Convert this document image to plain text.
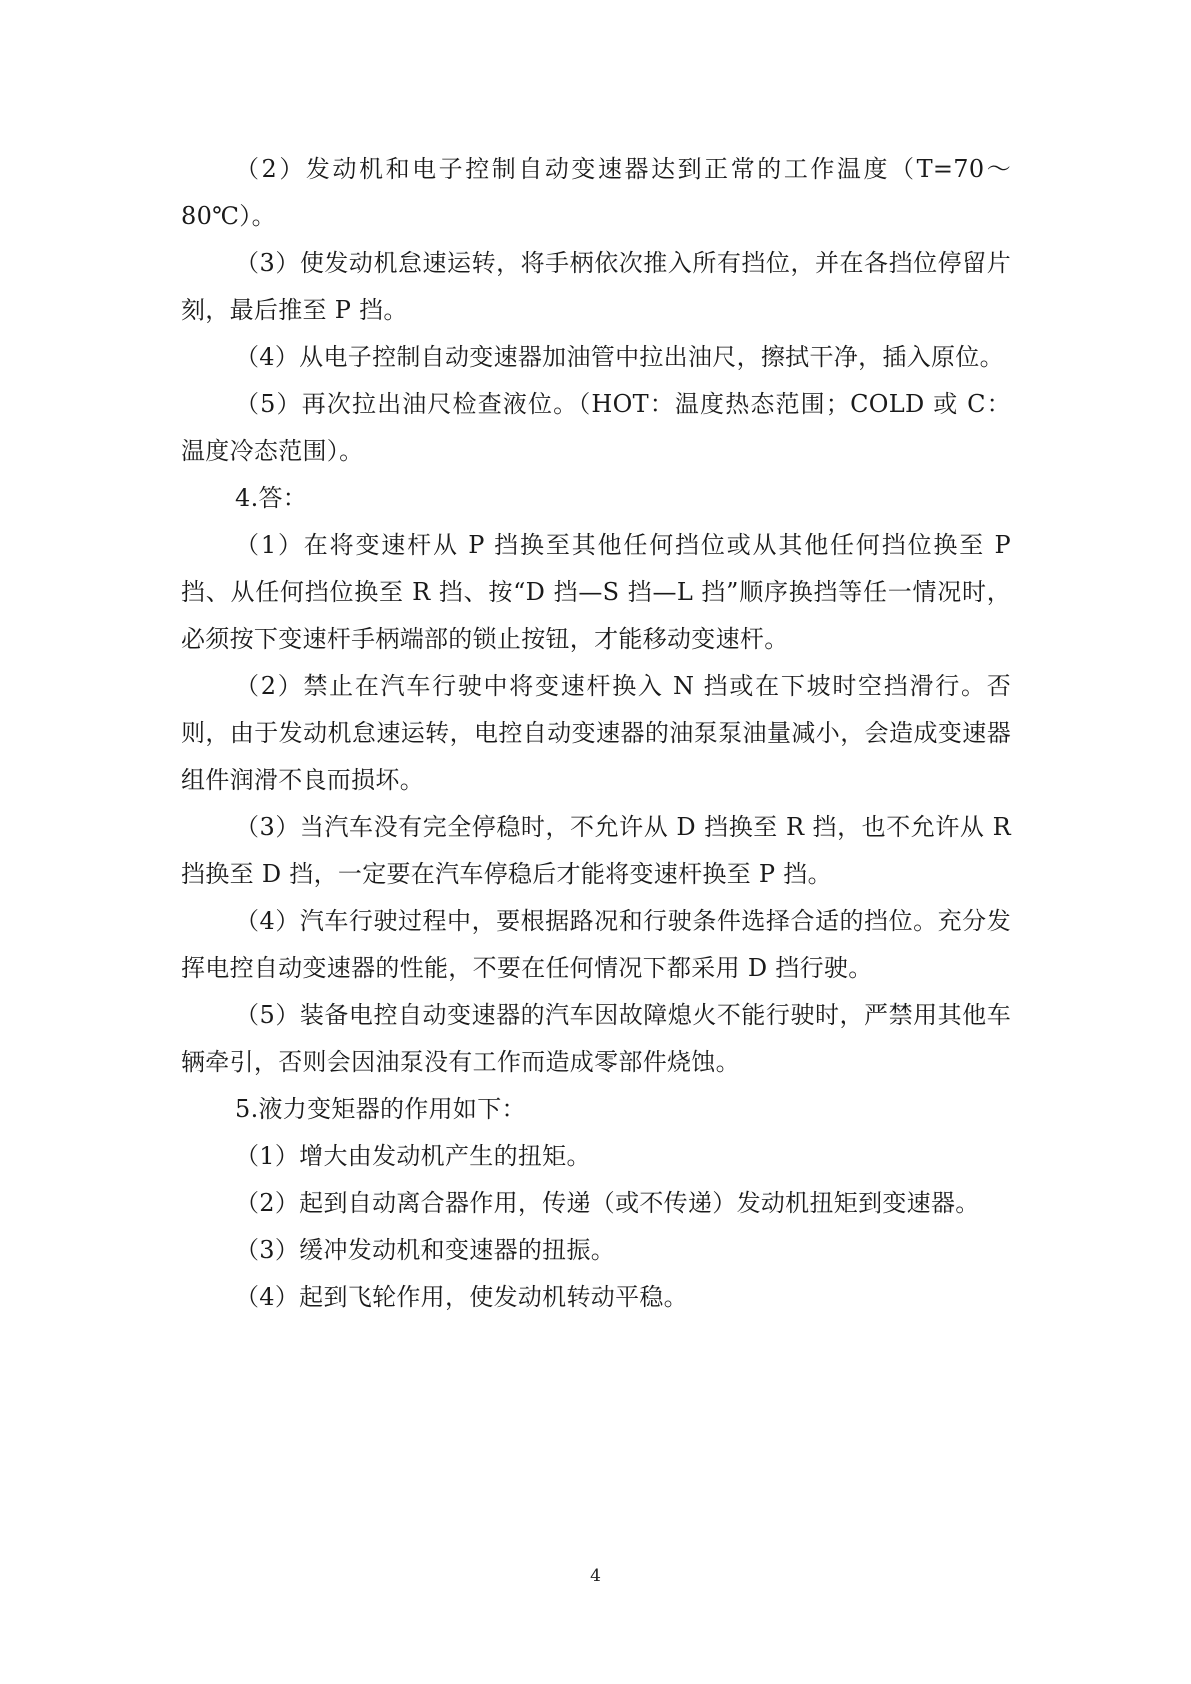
（2）发动机和电子控制自动变速器达到正常的工作温度（T=70～80℃）。

（3）使发动机怠速运转，将手柄依次推入所有挡位，并在各挡位停留片刻，最后推至 P 挡。

（4）从电子控制自动变速器加油管中拉出油尺，擦拭干净，插入原位。

（5）再次拉出油尺检查液位。（HOT：温度热态范围；COLD 或 C：温度冷态范围）。

4.答：

（1）在将变速杆从 P 挡换至其他任何挡位或从其他任何挡位换至 P 挡、从任何挡位换至 R 挡、按“D 挡—S 挡—L 挡”顺序换挡等任一情况时，必须按下变速杆手柄端部的锁止按钮，才能移动变速杆。

（2）禁止在汽车行驶中将变速杆换入 N 挡或在下坡时空挡滑行。否则，由于发动机怠速运转，电控自动变速器的油泵泵油量减小，会造成变速器组件润滑不良而损坏。

（3）当汽车没有完全停稳时，不允许从 D 挡换至 R 挡，也不允许从 R 挡换至 D 挡，一定要在汽车停稳后才能将变速杆换至 P 挡。

（4）汽车行驶过程中，要根据路况和行驶条件选择合适的挡位。充分发挥电控自动变速器的性能，不要在任何情况下都采用 D 挡行驶。

（5）装备电控自动变速器的汽车因故障熄火不能行驶时，严禁用其他车辆牵引，否则会因油泵没有工作而造成零部件烧蚀。

5.液力变矩器的作用如下：

（1）增大由发动机产生的扭矩。

（2）起到自动离合器作用，传递（或不传递）发动机扭矩到变速器。

（3）缓冲发动机和变速器的扭振。

（4）起到飞轮作用，使发动机转动平稳。

4
